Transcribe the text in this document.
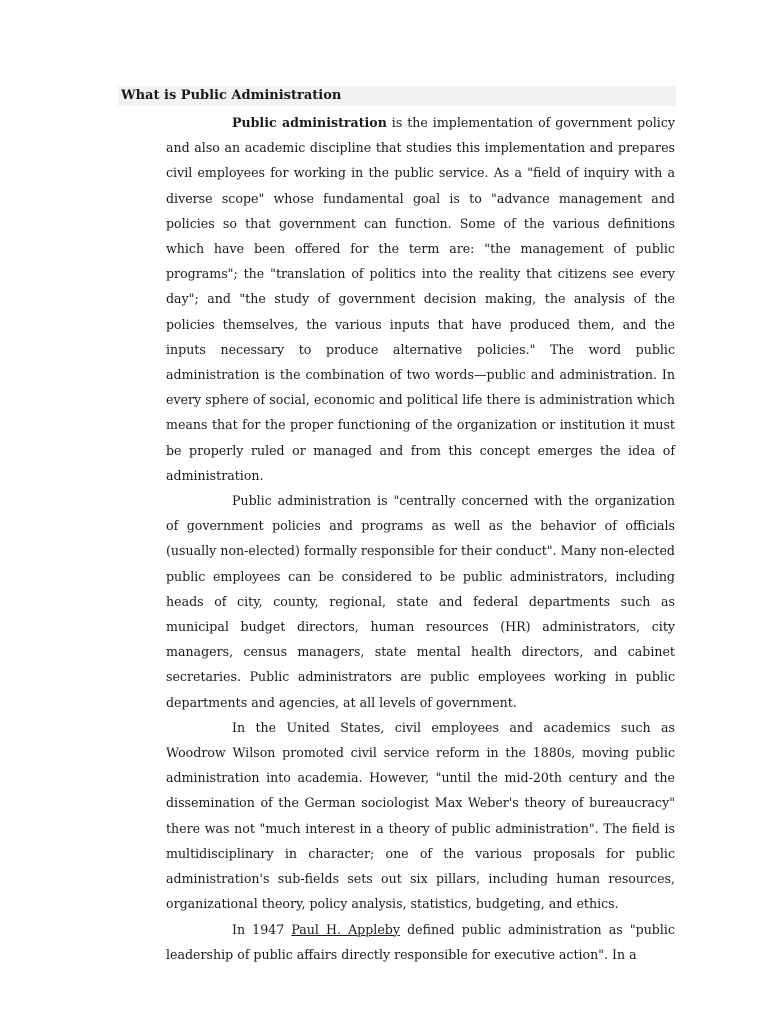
What is Public Administration

Public administration is the implementation of government policy and also an academic discipline that studies this implementation and prepares civil employees for working in the public service. As a "field of inquiry with a diverse scope" whose fundamental goal is to "advance management and policies so that government can function. Some of the various definitions which have been offered for the term are: "the management of public programs"; the "translation of politics into the reality that citizens see every day"; and "the study of government decision making, the analysis of the policies themselves, the various inputs that have produced them, and the inputs necessary to produce alternative policies." The word public administration is the combination of two words—public and administration. In every sphere of social, economic and political life there is administration which means that for the proper functioning of the organization or institution it must be properly ruled or managed and from this concept emerges the idea of administration.

Public administration is "centrally concerned with the organization of government policies and programs as well as the behavior of officials (usually non-elected) formally responsible for their conduct". Many non-elected public employees can be considered to be public administrators, including heads of city, county, regional, state and federal departments such as municipal budget directors, human resources (HR) administrators, city managers, census managers, state mental health directors, and cabinet secretaries. Public administrators are public employees working in public departments and agencies, at all levels of government.

In the United States, civil employees and academics such as Woodrow Wilson promoted civil service reform in the 1880s, moving public administration into academia. However, "until the mid-20th century and the dissemination of the German sociologist Max Weber's theory of bureaucracy" there was not "much interest in a theory of public administration". The field is multidisciplinary in character; one of the various proposals for public administration's sub-fields sets out six pillars, including human resources, organizational theory, policy analysis, statistics, budgeting, and ethics.

In 1947 Paul H. Appleby defined public administration as "public leadership of public affairs directly responsible for executive action". In a
